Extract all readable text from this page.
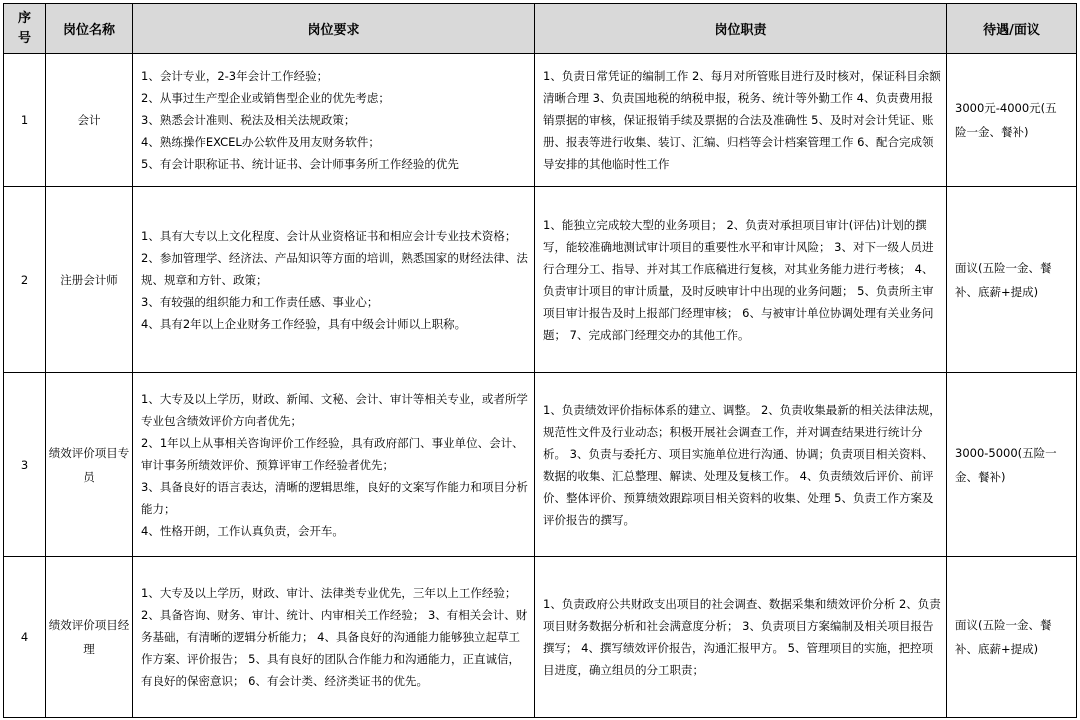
序号	岗位名称	岗位要求	岗位职责	待遇/面议
1	会计	1、会计专业，2-3年会计工作经验；
2、从事过生产型企业或销售型企业的优先考虑；
3、熟悉会计准则、税法及相关法规政策；
4、熟练操作EXCEL办公软件及用友财务软件；
5、有会计职称证书、统计证书、会计师事务所工作经验的优先	1、负责日常凭证的编制工作 2、每月对所管账目进行及时核对，保证科目余额清晰合理 3、负责国地税的纳税申报，税务、统计等外勤工作 4、负责费用报销票据的审核，保证报销手续及票据的合法及准确性 5、及时对会计凭证、账册、报表等进行收集、装订、汇编、归档等会计档案管理工作 6、配合完成领导安排的其他临时性工作	3000元-4000元(五险一金、餐补)
2	注册会计师	1、具有大专以上文化程度、会计从业资格证书和相应会计专业技术资格；
2、参加管理学、经济法、产品知识等方面的培训，熟悉国家的财经法律、法规、规章和方针、政策；
3、有较强的组织能力和工作责任感、事业心；
4、具有2年以上企业财务工作经验，具有中级会计师以上职称。	1、能独立完成较大型的业务项目； 2、负责对承担项目审计(评估)计划的撰写，能较准确地测试审计项目的重要性水平和审计风险； 3、对下一级人员进行合理分工、指导、并对其工作底稿进行复核，对其业务能力进行考核； 4、负责审计项目的审计质量，及时反映审计中出现的业务问题； 5、负责所主审项目审计报告及时上报部门经理审核； 6、与被审计单位协调处理有关业务问题； 7、完成部门经理交办的其他工作。	面议(五险一金、餐补、底薪+提成)
3	绩效评价项目专员	1、大专及以上学历，财政、新闻、文秘、会计、审计等相关专业，或者所学专业包含绩效评价方向者优先；
2、1年以上从事相关咨询评价工作经验，具有政府部门、事业单位、会计、审计事务所绩效评价、预算评审工作经验者优先；
3、具备良好的语言表达，清晰的逻辑思维，良好的文案写作能力和项目分析能力；
4、性格开朗，工作认真负责，会开车。	1、负责绩效评价指标体系的建立、调整。 2、负责收集最新的相关法律法规，规范性文件及行业动态；积极开展社会调查工作，并对调查结果进行统计分析。 3、负责与委托方、项目实施单位进行沟通、协调；负责项目相关资料、数据的收集、汇总整理、解读、处理及复核工作。 4、负责绩效后评价、前评价、整体评价、预算绩效跟踪项目相关资料的收集、处理 5、负责工作方案及评价报告的撰写。	3000-5000(五险一金、餐补)
4	绩效评价项目经理	1、大专及以上学历，财政、审计、法律类专业优先，三年以上工作经验； 2、具备咨询、财务、审计、统计、内审相关工作经验； 3、有相关会计、财务基础，有清晰的逻辑分析能力； 4、具备良好的沟通能力能够独立起草工作方案、评价报告； 5、具有良好的团队合作能力和沟通能力，正直诚信，有良好的保密意识； 6、有会计类、经济类证书的优先。	1、负责政府公共财政支出项目的社会调查、数据采集和绩效评价分析 2、负责项目财务数据分析和社会满意度分析； 3、负责项目方案编制及相关项目报告撰写； 4、撰写绩效评价报告，沟通汇报甲方。 5、管理项目的实施，把控项目进度，确立组员的分工职责；	面议(五险一金、餐补、底薪+提成)
